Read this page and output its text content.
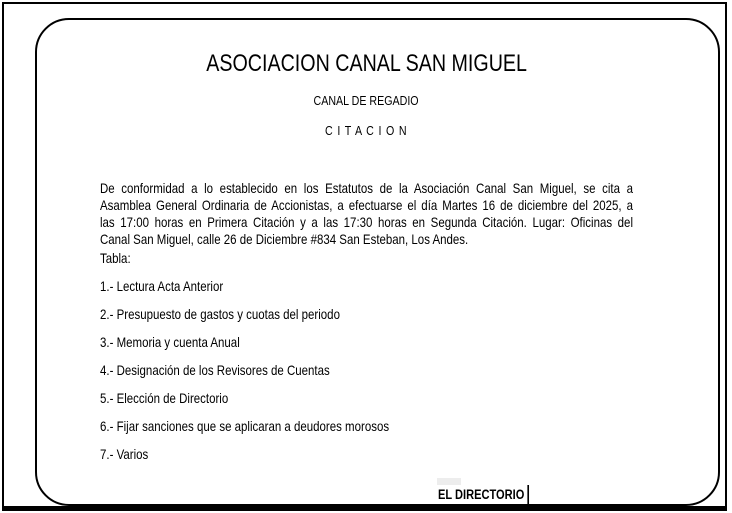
ASOCIACION CANAL SAN MIGUEL
CANAL DE REGADIO
C I T A C I O N
De conformidad a lo establecido en los Estatutos de la Asociación Canal San Miguel, se cita a
Asamblea General Ordinaria de Accionistas, a efectuarse el día Martes 16 de diciembre del 2025, a
las 17:00 horas en Primera Citación y a las 17:30 horas en Segunda Citación. Lugar: Oficinas del
Canal San Miguel, calle 26 de Diciembre #834 San Esteban, Los Andes.
Tabla:
1.- Lectura Acta Anterior
2.- Presupuesto de gastos y cuotas del periodo
3.- Memoria y cuenta Anual
4.- Designación de los Revisores de Cuentas
5.- Elección de Directorio
6.- Fijar sanciones que se aplicaran a deudores morosos
7.- Varios
EL DIRECTORIO
